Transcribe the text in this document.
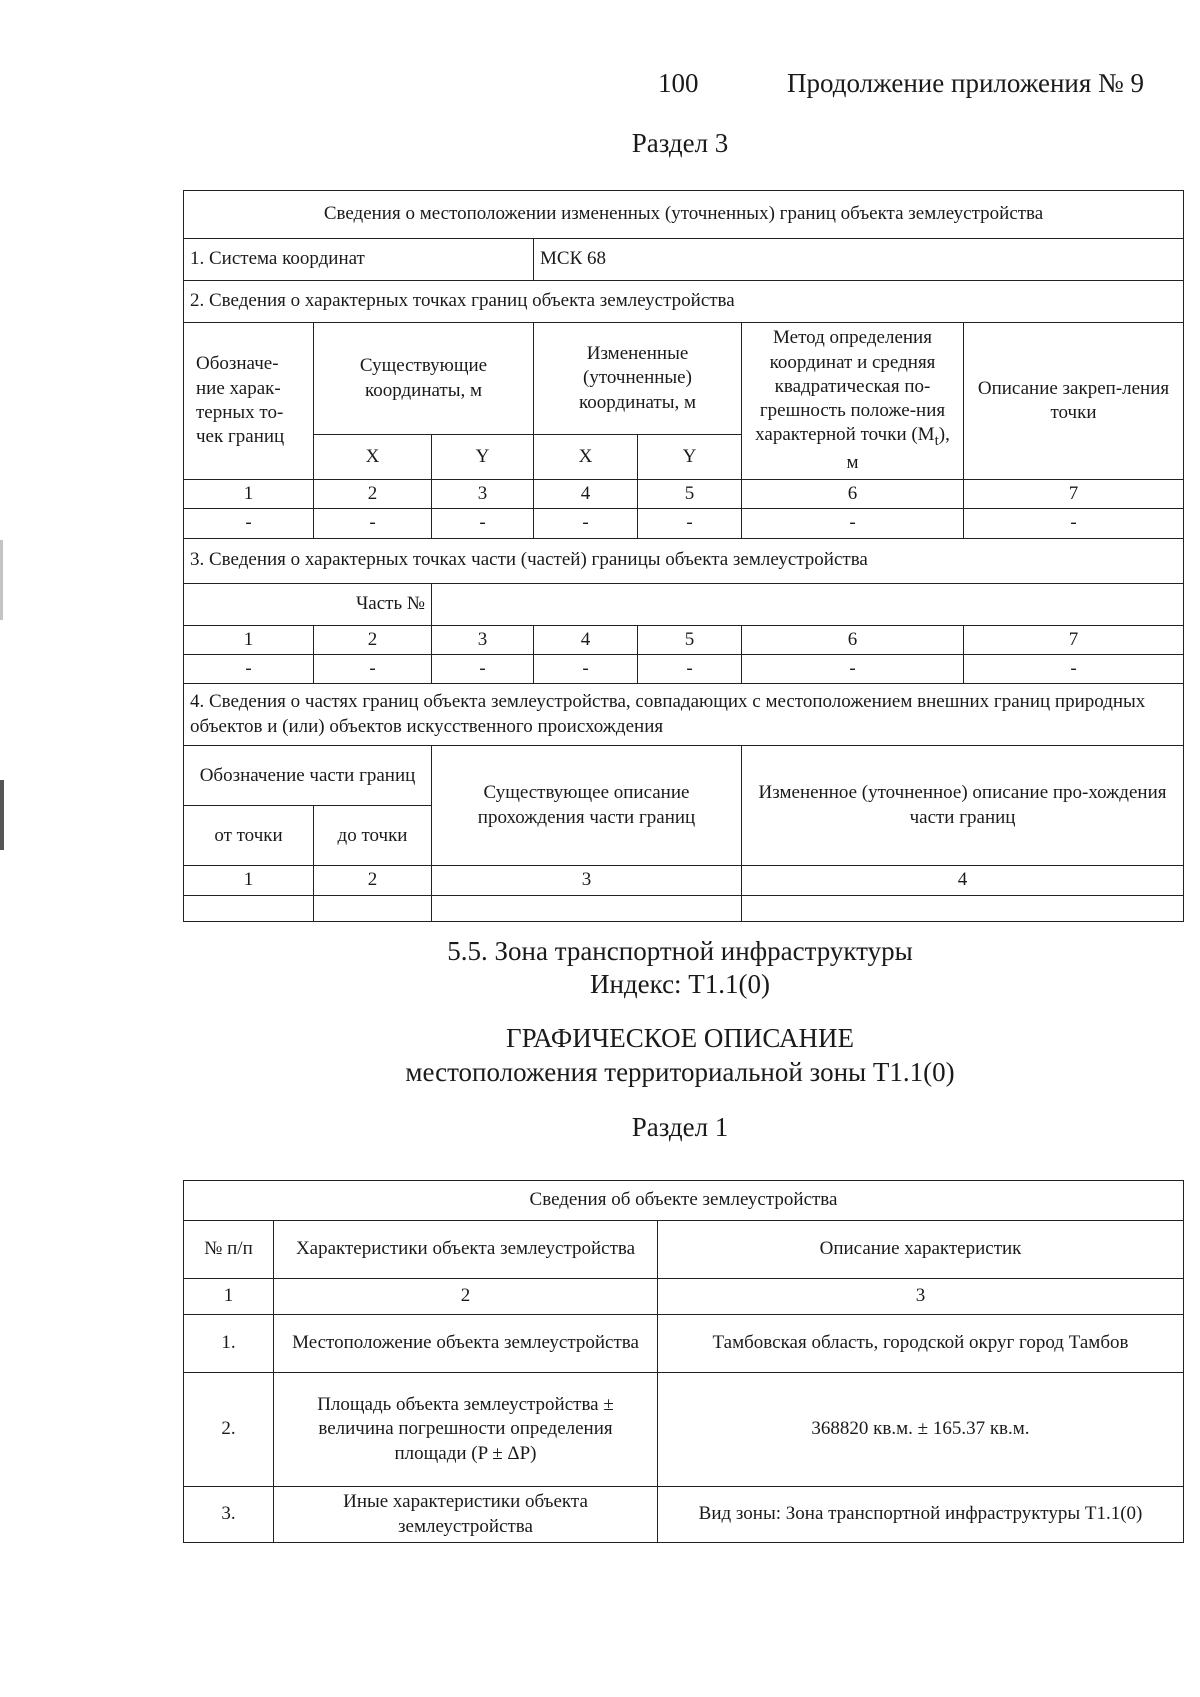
100	Продолжение приложения № 9
Раздел 3
Сведения о местоположении измененных (уточненных) границ объекта землеустройства						
1. Система координат			МСК 68			
2. Сведения о характерных точках границ объекта землеустройства						
Обозначе-ние харак-терных то-чек границ	Существующие координаты, м		Измененные (уточненные) координаты, м		Метод определения координат и средняя квадратическая по-грешность положе-ния характерной точки $(M_t)$, м	Описание закреп-ления точки
	X	Y	X	Y		
1	2	3	4	5	6	7
-	-	-	-	-	-	-
3. Сведения о характерных точках части (частей) границы объекта землеустройства						
Часть №						
1	2	3	4	5	6	7
-	-	-	-	-	-	-
4. Сведения о частях границ объекта землеустройства, совпадающих с местоположением внешних границ природных объектов и (или) объектов искусственного происхождения						
Обозначение части границ		Существующее описание прохождения части границ			Измененное (уточненное) описание про-хождения части границ	
от точки	до точки					
1	2	3			4	

5.5. Зона транспортной инфраструктуры
Индекс: Т1.1(0)
ГРАФИЧЕСКОЕ ОПИСАНИЕ
местоположения территориальной зоны Т1.1(0)
Раздел 1
Сведения об объекте землеустройства		
№ п/п	Характеристики объекта землеустройства	Описание характеристик
1	2	3
1.	Местоположение объекта землеустройства	Тамбовская область, городской округ город Тамбов
2.	Площадь объекта землеустройства ± величина погрешности определения площади (P ± ΔP)	368820 кв.м. ± 165.37 кв.м.
3.	Иные характеристики объекта землеустройства	Вид зоны: Зона транспортной инфраструктуры Т1.1(0)
